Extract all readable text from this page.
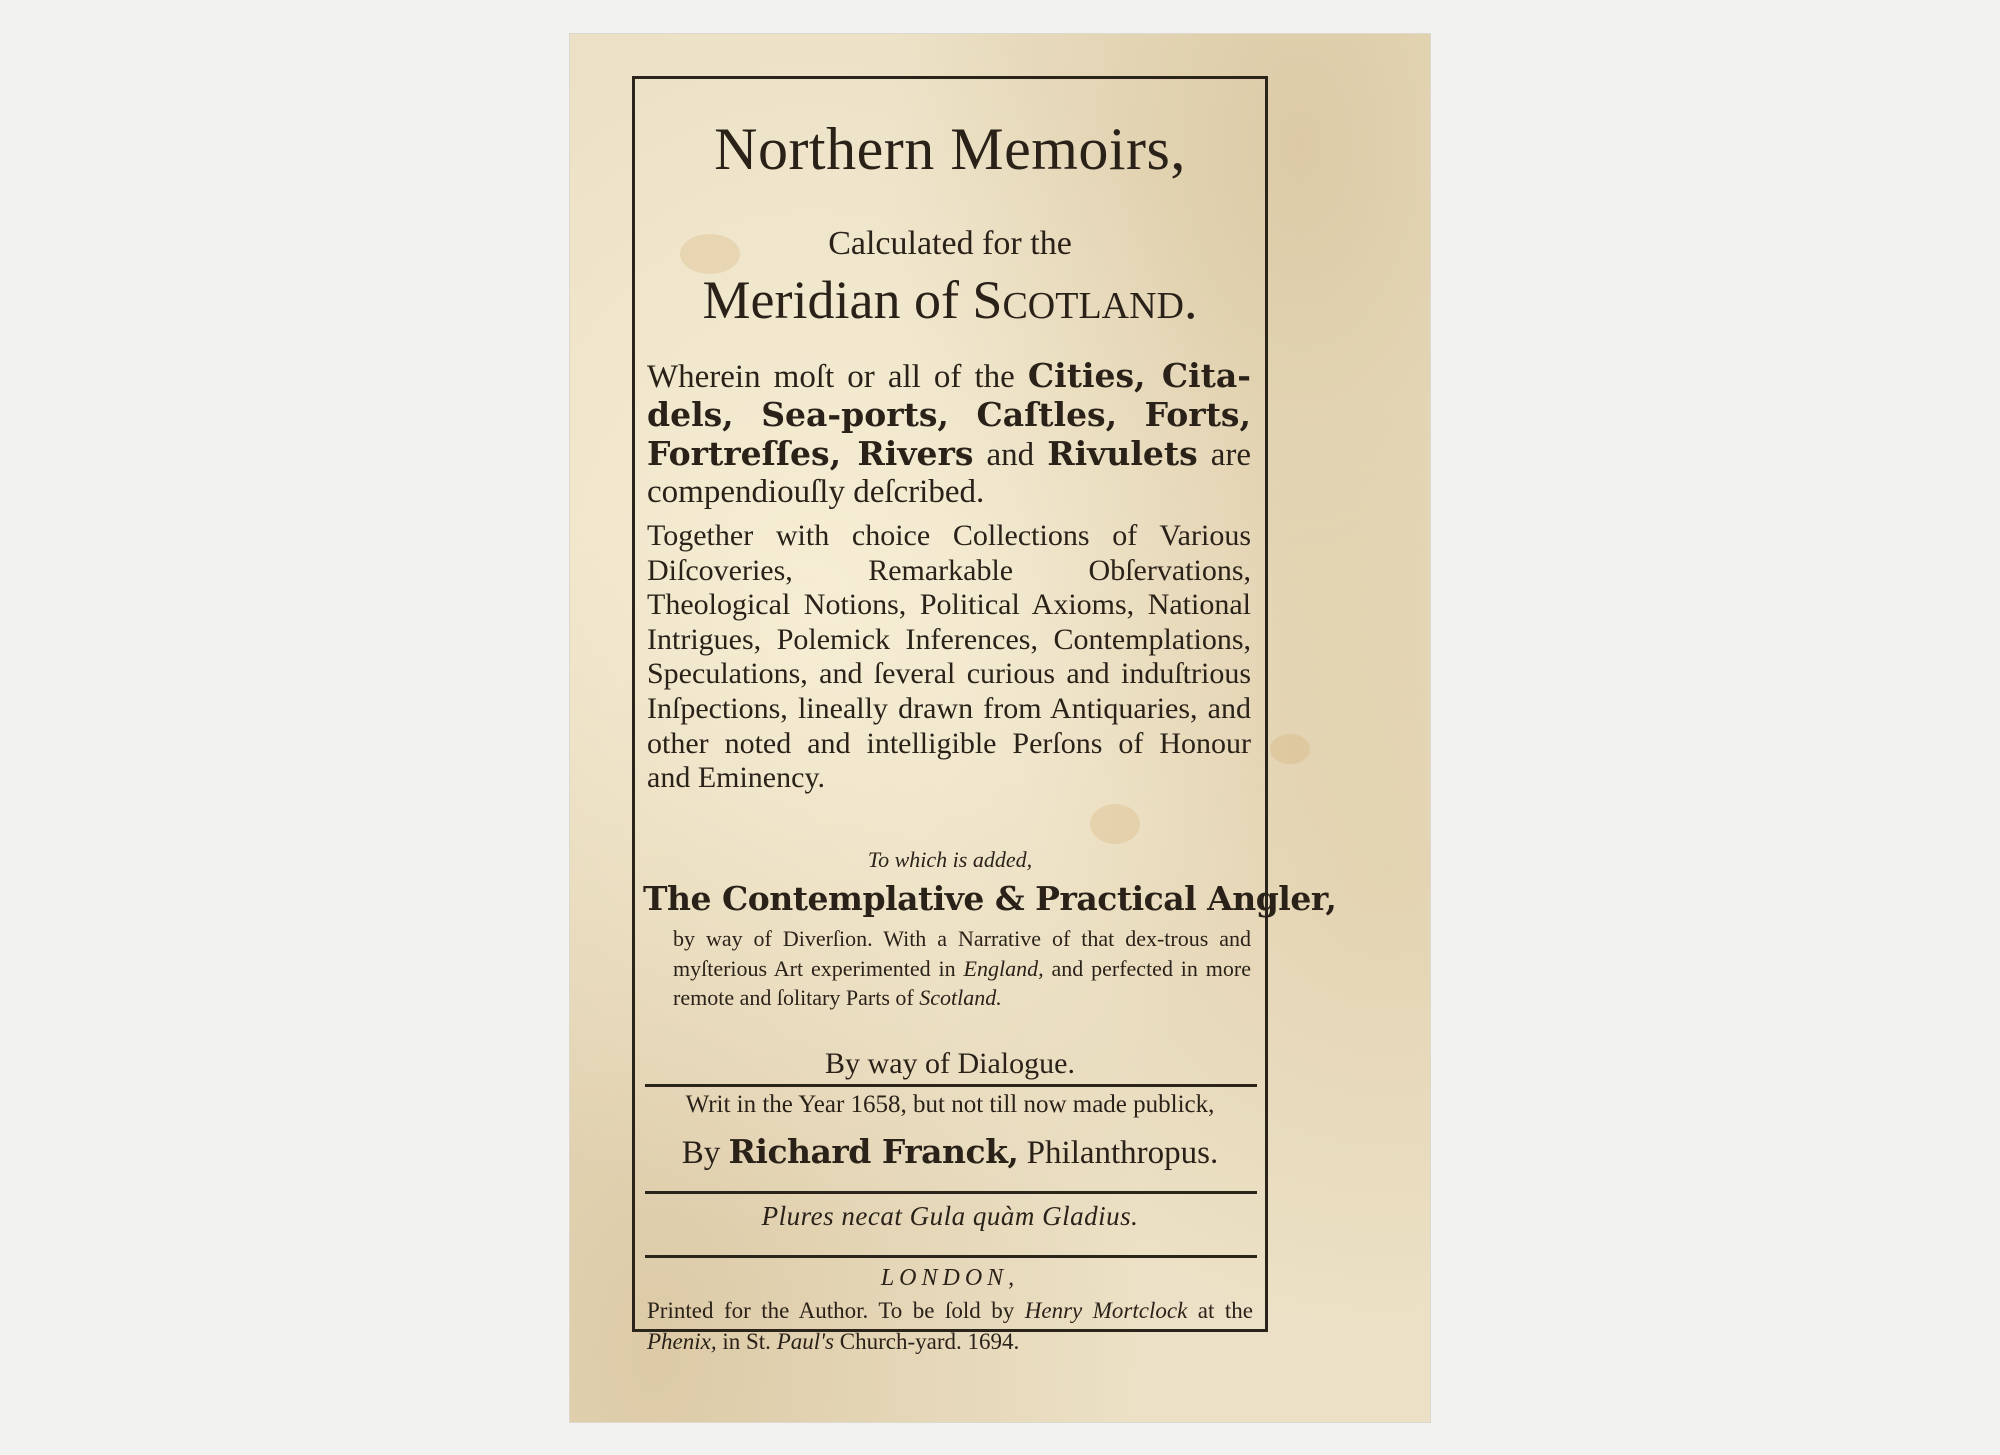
Northern Memoirs,
Calculated for the
Meridian of Scotland.
Wherein moſt or all of the Cities, Cita-dels, Sea-ports, Caſtles, Forts, Fortreſſes, Rivers and Rivulets are compendiouſly deſcribed.
Together with choice Collections of Various Diſcoveries, Remarkable Obſervations, Theological Notions, Political Axioms, National Intrigues, Polemick Inferences, Contemplations, Speculations, and ſeveral curious and induſtrious Inſpections, lineally drawn from Antiquaries, and other noted and intelligible Perſons of Honour and Eminency.
To which is added,
The Contemplative & Practical Angler,
by way of Diverſion. With a Narrative of that dex-trous and myſterious Art experimented in England, and perfected in more remote and ſolitary Parts of Scotland.
By way of Dialogue.
Writ in the Year 1658, but not till now made publick,
By Richard Franck, Philanthropus.
Plures necat Gula quàm Gladius.
LONDON,
Printed for the Author. To be ſold by Henry Mortclock at the Phenix, in St. Paul's Church-yard. 1694.
